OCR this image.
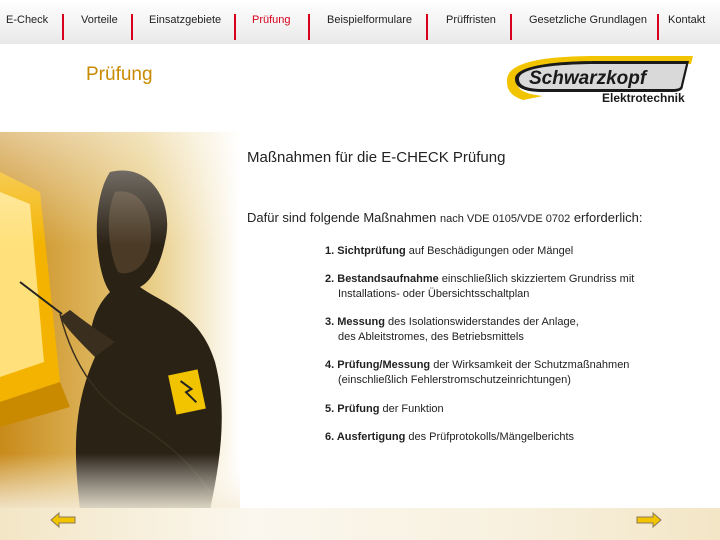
E-Check	Vorteile	Einsatzgebiete	Prüfung	Beispielformulare	Prüffristen	Gesetzliche Grundlagen Kontakt
Prüfung	Schwarzkopf
Elektrotechnik
Maßnahmen für die E-CHECK Prüfung
Dafür sind folgende Maßnahmen nach VDE 0105/VDE 0702 erforderlich:
1. Sichtprüfung auf Beschädigungen oder Mängel
2. Bestandsaufnahme einschließlich skizziertem Grundriss mit
Installations- oder Übersichtsschaltplan
3. Messung des Isolationswiderstandes der Anlage,
des Ableitstromes, des Betriebsmittels
4. Prüfung/Messung der Wirksamkeit der Schutzmaßnahmen
(einschließlich Fehlerstromschutzeinrichtungen)
5. Prüfung der Funktion
6. Ausfertigung des Prüfprotokolls/Mängelberichts
